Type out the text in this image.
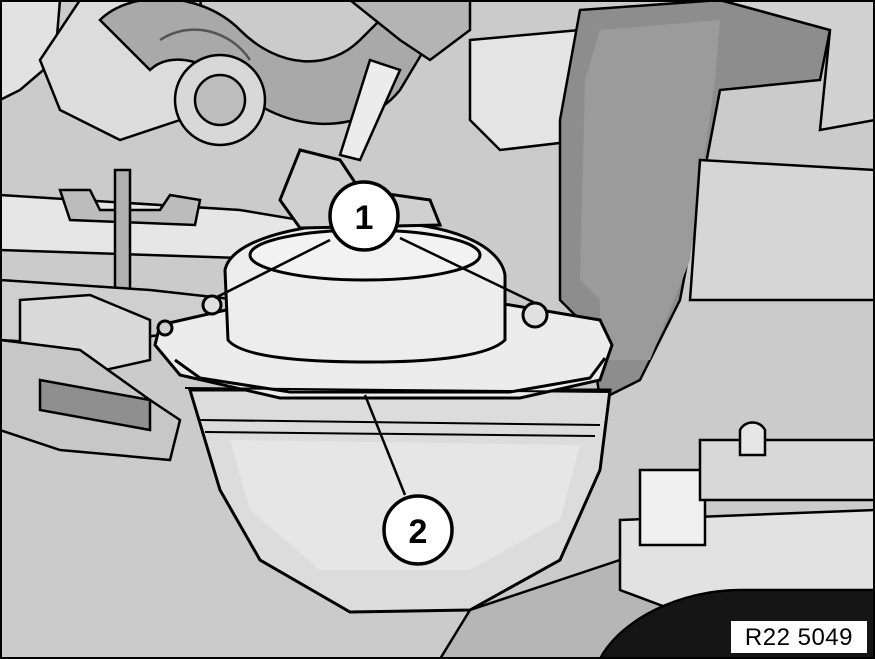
1
2
R22 5049
